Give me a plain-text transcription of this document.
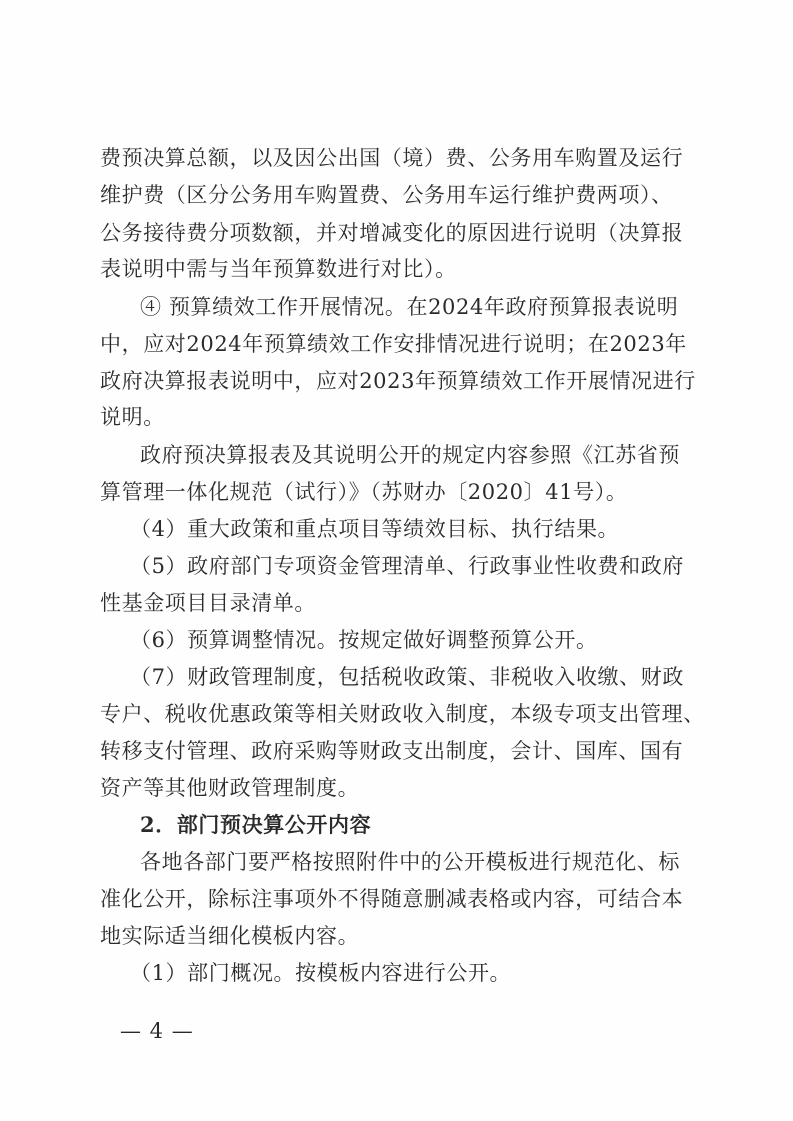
费预决算总额，以及因公出国（境）费、公务用车购置及运行
维护费（区分公务用车购置费、公务用车运行维护费两项）、
公务接待费分项数额，并对增减变化的原因进行说明（决算报
表说明中需与当年预算数进行对比）。
④ 预算绩效工作开展情况。在2024年政府预算报表说明
中，应对2024年预算绩效工作安排情况进行说明；在2023年
政府决算报表说明中，应对2023年预算绩效工作开展情况进行
说明。
政府预决算报表及其说明公开的规定内容参照《江苏省预
算管理一体化规范（试行）》（苏财办〔2020〕41号）。
（4）重大政策和重点项目等绩效目标、执行结果。
（5）政府部门专项资金管理清单、行政事业性收费和政府
性基金项目目录清单。
（6）预算调整情况。按规定做好调整预算公开。
（7）财政管理制度，包括税收政策、非税收入收缴、财政
专户、税收优惠政策等相关财政收入制度，本级专项支出管理、
转移支付管理、政府采购等财政支出制度，会计、国库、国有
资产等其他财政管理制度。
2．部门预决算公开内容
各地各部门要严格按照附件中的公开模板进行规范化、标
准化公开，除标注事项外不得随意删减表格或内容，可结合本
地实际适当细化模板内容。
（1）部门概况。按模板内容进行公开。
— 4 —
